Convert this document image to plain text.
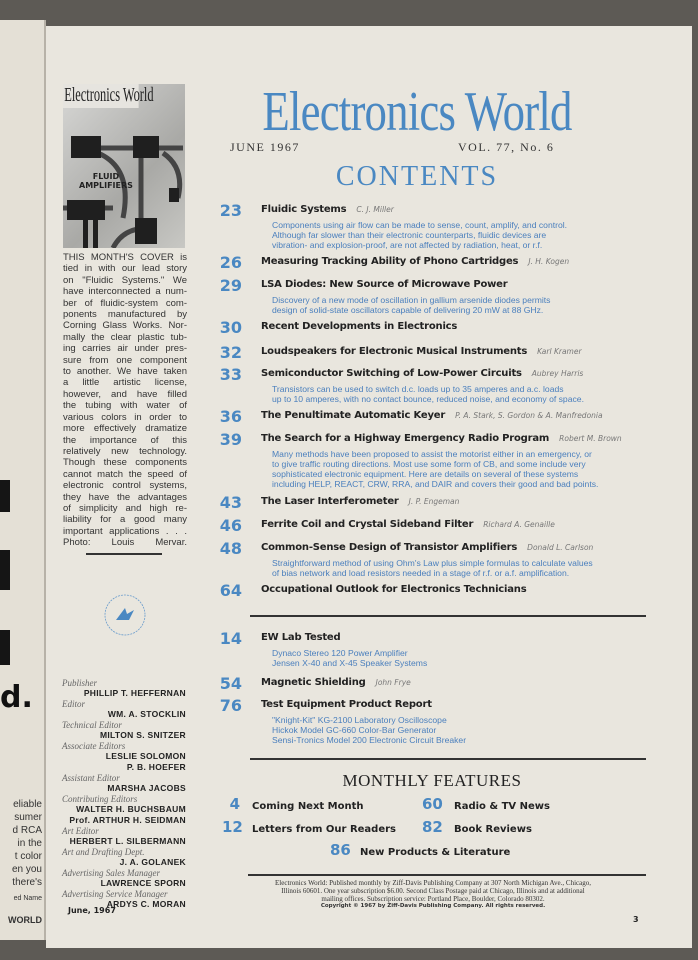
d.
eliable
sumer
d RCA
in the
t color
en you
there's
ed Name
WORLD
Electronics World
FLUID
AMPLIFIERS
THIS MONTH'S COVER is
tied in with our lead story
on "Fluidic Systems." We
have interconnected a num-
ber of fluidic-system com-
ponents manufactured by
Corning Glass Works. Nor-
mally the clear plastic tub-
ing carries air under pres-
sure from one component
to another. We have taken
a little artistic license,
however, and have filled
the tubing with water of
various colors in order to
more effectively dramatize
the importance of this
relatively new technology.
Though these components
cannot match the speed of
electronic control systems,
they have the advantages
of simplicity and high re-
liability for a good many
important applications . . .
Photo: Louis Mervar.
Publisher
PHILLIP T. HEFFERNAN
Editor
WM. A. STOCKLIN
Technical Editor
MILTON S. SNITZER
Associate Editors
LESLIE SOLOMON
P. B. HOEFER
Assistant Editor
MARSHA JACOBS
Contributing Editors
WALTER H. BUCHSBAUM
Prof. ARTHUR H. SEIDMAN
Art Editor
HERBERT L. SILBERMANN
Art and Drafting Dept.
J. A. GOLANEK
Advertising Sales Manager
LAWRENCE SPORN
Advertising Service Manager
ARDYS C. MORAN
June, 1967
Electronics World
JUNE 1967	VOL. 77, No. 6
CONTENTS
23 Fluidic Systems C. J. Miller
Components using air flow can be made to sense, count, amplify, and control.
Although far slower than their electronic counterparts, fluidic devices are
vibration- and explosion-proof, are not affected by radiation, heat, or r.f.
26 Measuring Tracking Ability of Phono Cartridges J. H. Kogen
29 LSA Diodes: New Source of Microwave Power
Discovery of a new mode of oscillation in gallium arsenide diodes permits
design of solid-state oscillators capable of delivering 20 mW at 88 GHz.
30 Recent Developments in Electronics
32 Loudspeakers for Electronic Musical Instruments Karl Kramer
33 Semiconductor Switching of Low-Power Circuits Aubrey Harris
Transistors can be used to switch d.c. loads up to 35 amperes and a.c. loads
up to 10 amperes, with no contact bounce, reduced noise, and economy of space.
36 The Penultimate Automatic Keyer P. A. Stark, S. Gordon & A. Manfredonia
39 The Search for a Highway Emergency Radio Program Robert M. Brown
Many methods have been proposed to assist the motorist either in an emergency, or
to give traffic routing directions. Most use some form of CB, and some include very
sophisticated electronic equipment. Here are details on several of these systems
including HELP, REACT, CRW, RRA, and DAIR and covers their good and bad points.
43 The Laser Interferometer J. P. Engeman
46 Ferrite Coil and Crystal Sideband Filter Richard A. Genaille
48 Common-Sense Design of Transistor Amplifiers Donald L. Carlson
Straightforward method of using Ohm's Law plus simple formulas to calculate values
of bias network and load resistors needed in a stage of r.f. or a.f. amplification.
64 Occupational Outlook for Electronics Technicians
14 EW Lab Tested
Dynaco Stereo 120 Power Amplifier
Jensen X-40 and X-45 Speaker Systems
54 Magnetic Shielding John Frye
76 Test Equipment Product Report
"Knight-Kit" KG-2100 Laboratory Oscilloscope
Hickok Model GC-660 Color-Bar Generator
Sensi-Tronics Model 200 Electronic Circuit Breaker
MONTHLY FEATURES
4 Coming Next Month	60 Radio & TV News
12 Letters from Our Readers 82 Book Reviews
86 New Products & Literature
Electronics World: Published monthly by Ziff-Davis Publishing Company at 307 North Michigan Ave., Chicago,
Illinois 60601. One year subscription $6.00. Second Class Postage paid at Chicago, Illinois and at additional
mailing offices. Subscription service: Portland Place, Boulder, Colorado 80302.
Copyright © 1967 by Ziff-Davis Publishing Company. All rights reserved.
3
